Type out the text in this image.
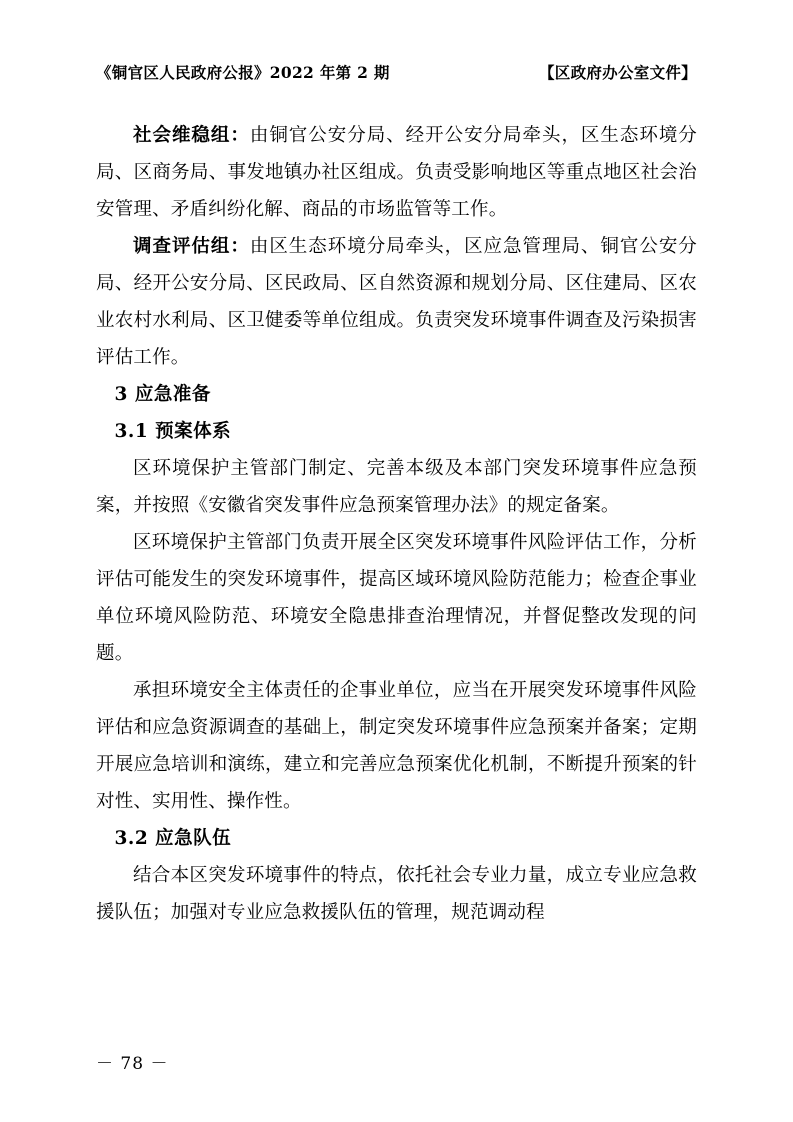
《铜官区人民政府公报》2022 年第 2 期	【区政府办公室文件】

社会维稳组：由铜官公安分局、经开公安分局牵头，区生态环境分局、区商务局、事发地镇办社区组成。负责受影响地区等重点地区社会治安管理、矛盾纠纷化解、商品的市场监管等工作。

调查评估组：由区生态环境分局牵头，区应急管理局、铜官公安分局、经开公安分局、区民政局、区自然资源和规划分局、区住建局、区农业农村水利局、区卫健委等单位组成。负责突发环境事件调查及污染损害评估工作。

3 应急准备

3.1 预案体系

区环境保护主管部门制定、完善本级及本部门突发环境事件应急预案，并按照《安徽省突发事件应急预案管理办法》的规定备案。

区环境保护主管部门负责开展全区突发环境事件风险评估工作，分析评估可能发生的突发环境事件，提高区域环境风险防范能力；检查企事业单位环境风险防范、环境安全隐患排查治理情况，并督促整改发现的问题。

承担环境安全主体责任的企事业单位，应当在开展突发环境事件风险评估和应急资源调查的基础上，制定突发环境事件应急预案并备案；定期开展应急培训和演练，建立和完善应急预案优化机制，不断提升预案的针对性、实用性、操作性。

3.2 应急队伍

结合本区突发环境事件的特点，依托社会专业力量，成立专业应急救援队伍；加强对专业应急救援队伍的管理，规范调动程

－ 78 －
